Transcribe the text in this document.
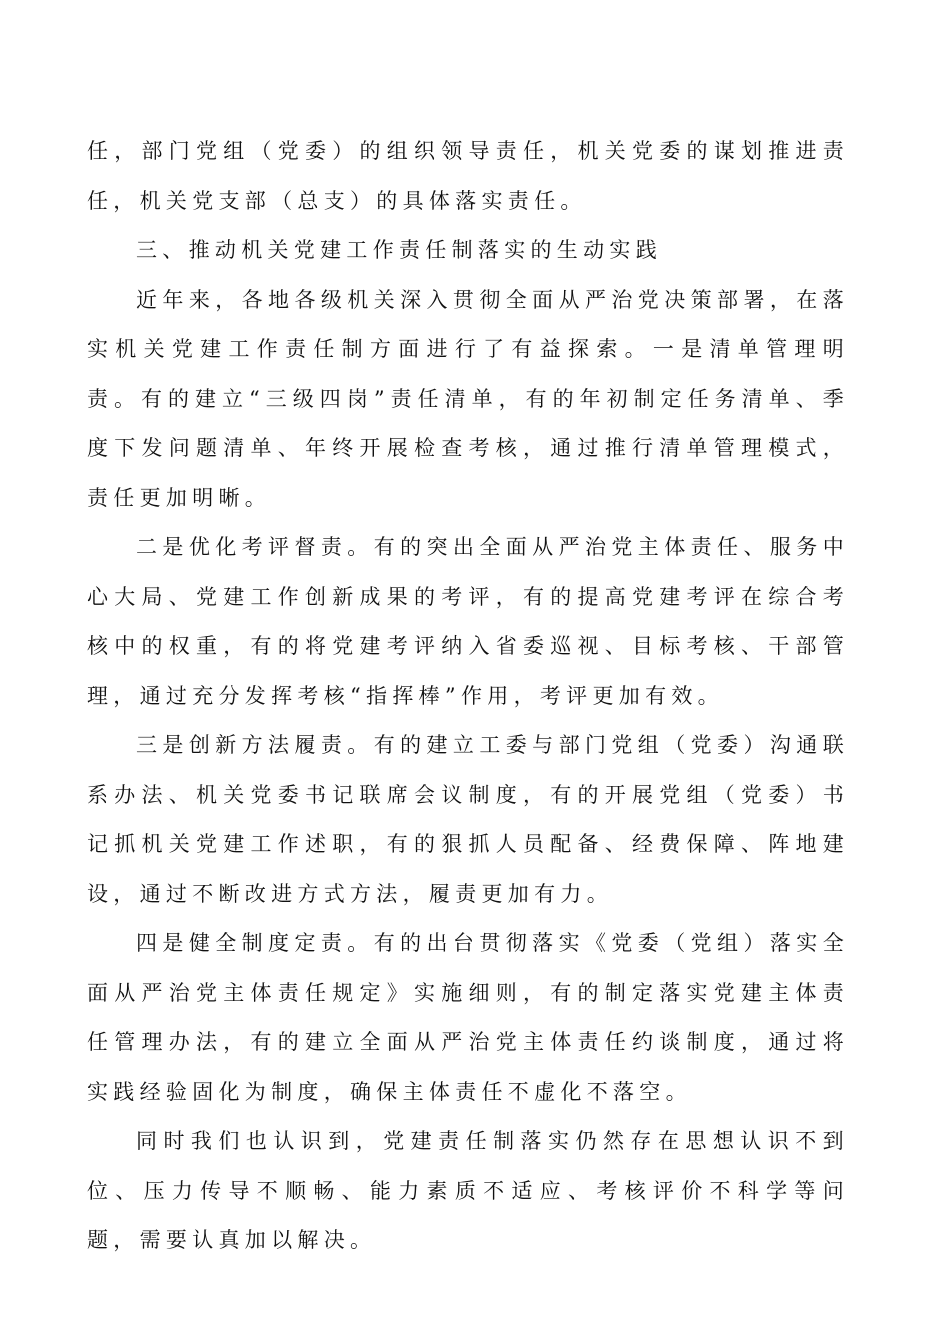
任，部门党组（党委）的组织领导责任，机关党委的谋划推进责任，机关党支部（总支）的具体落实责任。

三、推动机关党建工作责任制落实的生动实践

近年来，各地各级机关深入贯彻全面从严治党决策部署，在落实机关党建工作责任制方面进行了有益探索。一是清单管理明责。有的建立“三级四岗”责任清单，有的年初制定任务清单、季度下发问题清单、年终开展检查考核，通过推行清单管理模式，责任更加明晰。

二是优化考评督责。有的突出全面从严治党主体责任、服务中心大局、党建工作创新成果的考评，有的提高党建考评在综合考核中的权重，有的将党建考评纳入省委巡视、目标考核、干部管理，通过充分发挥考核“指挥棒”作用，考评更加有效。

三是创新方法履责。有的建立工委与部门党组（党委）沟通联系办法、机关党委书记联席会议制度，有的开展党组（党委）书记抓机关党建工作述职，有的狠抓人员配备、经费保障、阵地建设，通过不断改进方式方法，履责更加有力。

四是健全制度定责。有的出台贯彻落实《党委（党组）落实全面从严治党主体责任规定》实施细则，有的制定落实党建主体责任管理办法，有的建立全面从严治党主体责任约谈制度，通过将实践经验固化为制度，确保主体责任不虚化不落空。

同时我们也认识到，党建责任制落实仍然存在思想认识不到位、压力传导不顺畅、能力素质不适应、考核评价不科学等问题，需要认真加以解决。
